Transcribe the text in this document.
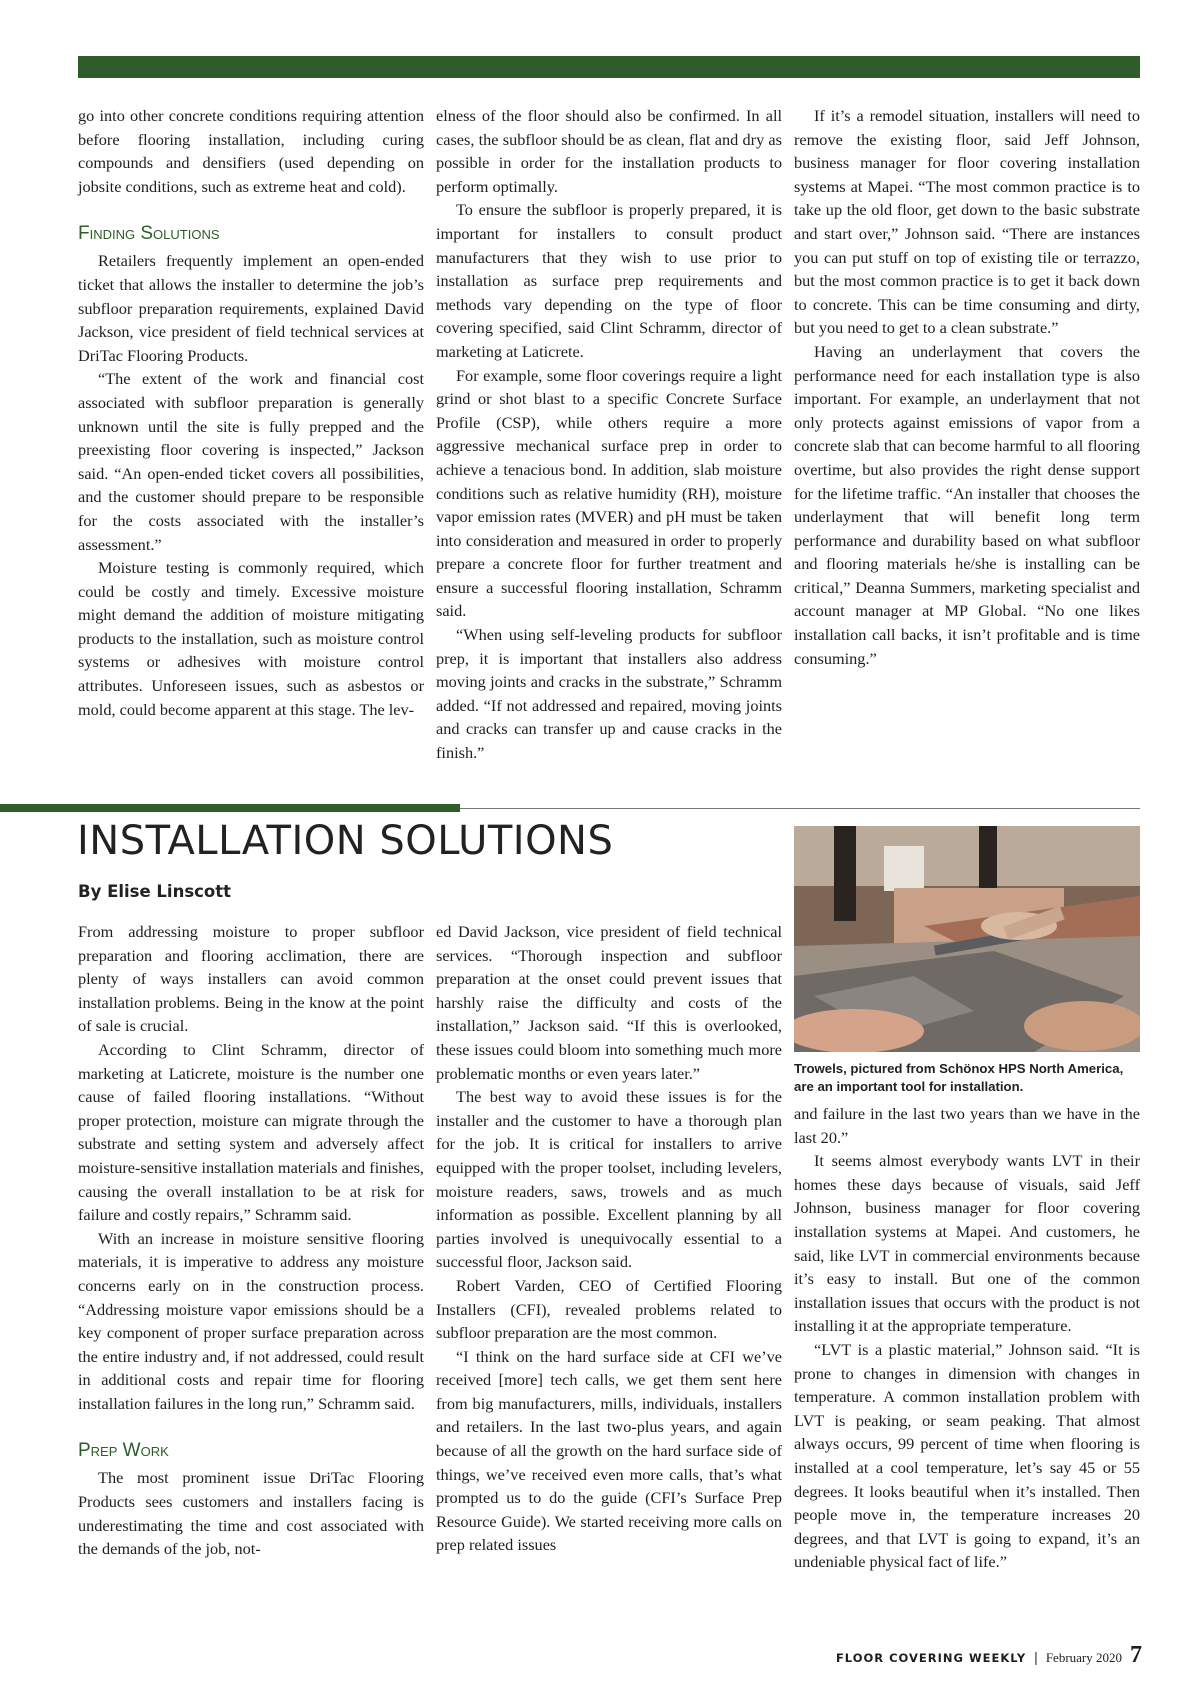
go into other concrete conditions requiring attention before flooring installation, including curing compounds and densifiers (used depending on jobsite conditions, such as extreme heat and cold).

Finding Solutions

Retailers frequently implement an open-ended ticket that allows the installer to determine the job’s subfloor preparation requirements, explained David Jackson, vice president of field technical services at DriTac Flooring Products.

“The extent of the work and financial cost associated with subfloor preparation is generally unknown until the site is fully prepped and the preexisting floor covering is inspected,” Jackson said. “An open-ended ticket covers all possibilities, and the customer should prepare to be responsible for the costs associated with the installer’s assessment.”

Moisture testing is commonly required, which could be costly and timely. Excessive moisture might demand the addition of moisture mitigating products to the installation, such as moisture control systems or adhesives with moisture control attributes. Unforeseen issues, such as asbestos or mold, could become apparent at this stage. The lev-

elness of the floor should also be confirmed. In all cases, the subfloor should be as clean, flat and dry as possible in order for the installation products to perform optimally.

To ensure the subfloor is properly prepared, it is important for installers to consult product manufacturers that they wish to use prior to installation as surface prep requirements and methods vary depending on the type of floor covering specified, said Clint Schramm, director of marketing at Laticrete.

For example, some floor coverings require a light grind or shot blast to a specific Concrete Surface Profile (CSP), while others require a more aggressive mechanical surface prep in order to achieve a tenacious bond. In addition, slab moisture conditions such as relative humidity (RH), moisture vapor emission rates (MVER) and pH must be taken into consideration and measured in order to properly prepare a concrete floor for further treatment and ensure a successful flooring installation, Schramm said.

“When using self-leveling products for subfloor prep, it is important that installers also address moving joints and cracks in the substrate,” Schramm added. “If not addressed and repaired, moving joints and cracks can transfer up and cause cracks in the finish.”

If it’s a remodel situation, installers will need to remove the existing floor, said Jeff Johnson, business manager for floor covering installation systems at Mapei. “The most common practice is to take up the old floor, get down to the basic substrate and start over,” Johnson said. “There are instances you can put stuff on top of existing tile or terrazzo, but the most common practice is to get it back down to concrete. This can be time consuming and dirty, but you need to get to a clean substrate.”

Having an underlayment that covers the performance need for each installation type is also important. For example, an underlayment that not only protects against emissions of vapor from a concrete slab that can become harmful to all flooring overtime, but also provides the right dense support for the lifetime traffic. “An installer that chooses the underlayment that will benefit long term performance and durability based on what subfloor and flooring materials he/she is installing can be critical,” Deanna Summers, marketing specialist and account manager at MP Global. “No one likes installation call backs, it isn’t profitable and is time consuming.”

INSTALLATION SOLUTIONS
By Elise Linscott

From addressing moisture to proper subfloor preparation and flooring acclimation, there are plenty of ways installers can avoid common installation problems. Being in the know at the point of sale is crucial.

According to Clint Schramm, director of marketing at Laticrete, moisture is the number one cause of failed flooring installations. “Without proper protection, moisture can migrate through the substrate and setting system and adversely affect moisture-sensitive installation materials and finishes, causing the overall installation to be at risk for failure and costly repairs,” Schramm said.

With an increase in moisture sensitive flooring materials, it is imperative to address any moisture concerns early on in the construction process. “Addressing moisture vapor emissions should be a key component of proper surface preparation across the entire industry and, if not addressed, could result in additional costs and repair time for flooring installation failures in the long run,” Schramm said.

Prep Work

The most prominent issue DriTac Flooring Products sees customers and installers facing is underestimating the time and cost associated with the demands of the job, not-

ed David Jackson, vice president of field technical services. “Thorough inspection and subfloor preparation at the onset could prevent issues that harshly raise the difficulty and costs of the installation,” Jackson said. “If this is overlooked, these issues could bloom into something much more problematic months or even years later.”

The best way to avoid these issues is for the installer and the customer to have a thorough plan for the job. It is critical for installers to arrive equipped with the proper toolset, including levelers, moisture readers, saws, trowels and as much information as possible. Excellent planning by all parties involved is unequivocally essential to a successful floor, Jackson said.

Robert Varden, CEO of Certified Flooring Installers (CFI), revealed problems related to subfloor preparation are the most common.

“I think on the hard surface side at CFI we’ve received [more] tech calls, we get them sent here from big manufacturers, mills, individuals, installers and retailers. In the last two-plus years, and again because of all the growth on the hard surface side of things, we’ve received even more calls, that’s what prompted us to do the guide (CFI’s Surface Prep Resource Guide). We started receiving more calls on prep related issues

Trowels, pictured from Schönox HPS North America, are an important tool for installation.

and failure in the last two years than we have in the last 20.”

It seems almost everybody wants LVT in their homes these days because of visuals, said Jeff Johnson, business manager for floor covering installation systems at Mapei. And customers, he said, like LVT in commercial environments because it’s easy to install. But one of the common installation issues that occurs with the product is not installing it at the appropriate temperature.

“LVT is a plastic material,” Johnson said. “It is prone to changes in dimension with changes in temperature. A common installation problem with LVT is peaking, or seam peaking. That almost always occurs, 99 percent of time when flooring is installed at a cool temperature, let’s say 45 or 55 degrees. It looks beautiful when it’s installed. Then people move in, the temperature increases 20 degrees, and that LVT is going to expand, it’s an undeniable physical fact of life.”

FLOOR COVERING WEEKLY | February 2020 7
